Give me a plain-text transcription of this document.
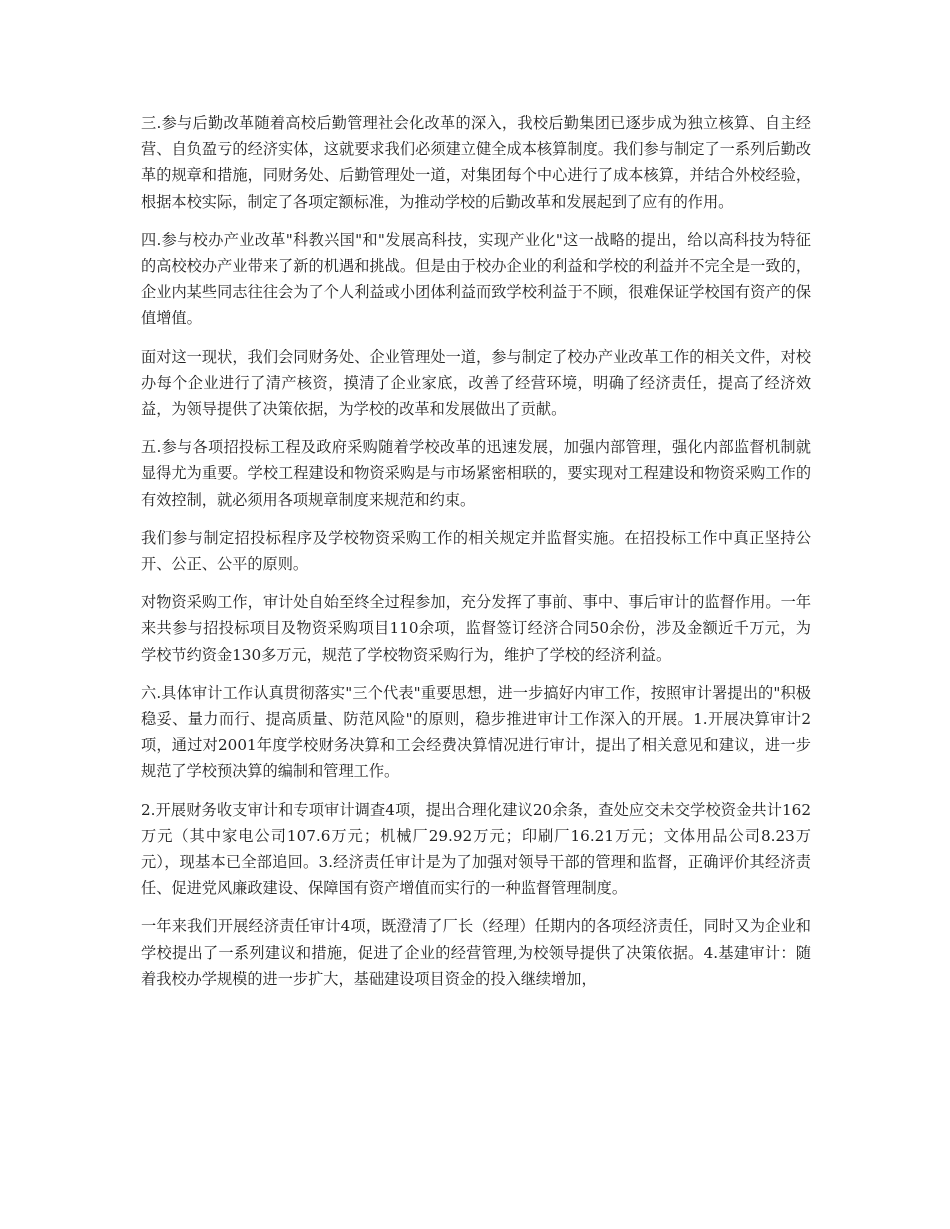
三.参与后勤改革随着高校后勤管理社会化改革的深入，我校后勤集团已逐步成为独立核算、自主经营、自负盈亏的经济实体，这就要求我们必须建立健全成本核算制度。我们参与制定了一系列后勤改革的规章和措施，同财务处、后勤管理处一道，对集团每个中心进行了成本核算，并结合外校经验，根据本校实际，制定了各项定额标准，为推动学校的后勤改革和发展起到了应有的作用。

四.参与校办产业改革"科教兴国"和"发展高科技，实现产业化"这一战略的提出，给以高科技为特征的高校校办产业带来了新的机遇和挑战。但是由于校办企业的利益和学校的利益并不完全是一致的，企业内某些同志往往会为了个人利益或小团体利益而致学校利益于不顾，很难保证学校国有资产的保值增值。

面对这一现状，我们会同财务处、企业管理处一道，参与制定了校办产业改革工作的相关文件，对校办每个企业进行了清产核资，摸清了企业家底，改善了经营环境，明确了经济责任，提高了经济效益，为领导提供了决策依据，为学校的改革和发展做出了贡献。

五.参与各项招投标工程及政府采购随着学校改革的迅速发展，加强内部管理，强化内部监督机制就显得尤为重要。学校工程建设和物资采购是与市场紧密相联的，要实现对工程建设和物资采购工作的有效控制，就必须用各项规章制度来规范和约束。

我们参与制定招投标程序及学校物资采购工作的相关规定并监督实施。在招投标工作中真正坚持公开、公正、公平的原则。

对物资采购工作，审计处自始至终全过程参加，充分发挥了事前、事中、事后审计的监督作用。一年来共参与招投标项目及物资采购项目110余项，监督签订经济合同50余份，涉及金额近千万元，为学校节约资金130多万元，规范了学校物资采购行为，维护了学校的经济利益。

六.具体审计工作认真贯彻落实"三个代表"重要思想，进一步搞好内审工作，按照审计署提出的"积极稳妥、量力而行、提高质量、防范风险"的原则，稳步推进审计工作深入的开展。1.开展决算审计2项，通过对2001年度学校财务决算和工会经费决算情况进行审计，提出了相关意见和建议，进一步规范了学校预决算的编制和管理工作。

2.开展财务收支审计和专项审计调查4项，提出合理化建议20余条，查处应交未交学校资金共计162万元（其中家电公司107.6万元；机械厂29.92万元；印刷厂16.21万元；文体用品公司8.23万元），现基本已全部追回。3.经济责任审计是为了加强对领导干部的管理和监督，正确评价其经济责任、促进党风廉政建设、保障国有资产增值而实行的一种监督管理制度。

一年来我们开展经济责任审计4项，既澄清了厂长（经理）任期内的各项经济责任，同时又为企业和学校提出了一系列建议和措施，促进了企业的经营管理,为校领导提供了决策依据。4.基建审计：随着我校办学规模的进一步扩大，基础建设项目资金的投入继续增加，
